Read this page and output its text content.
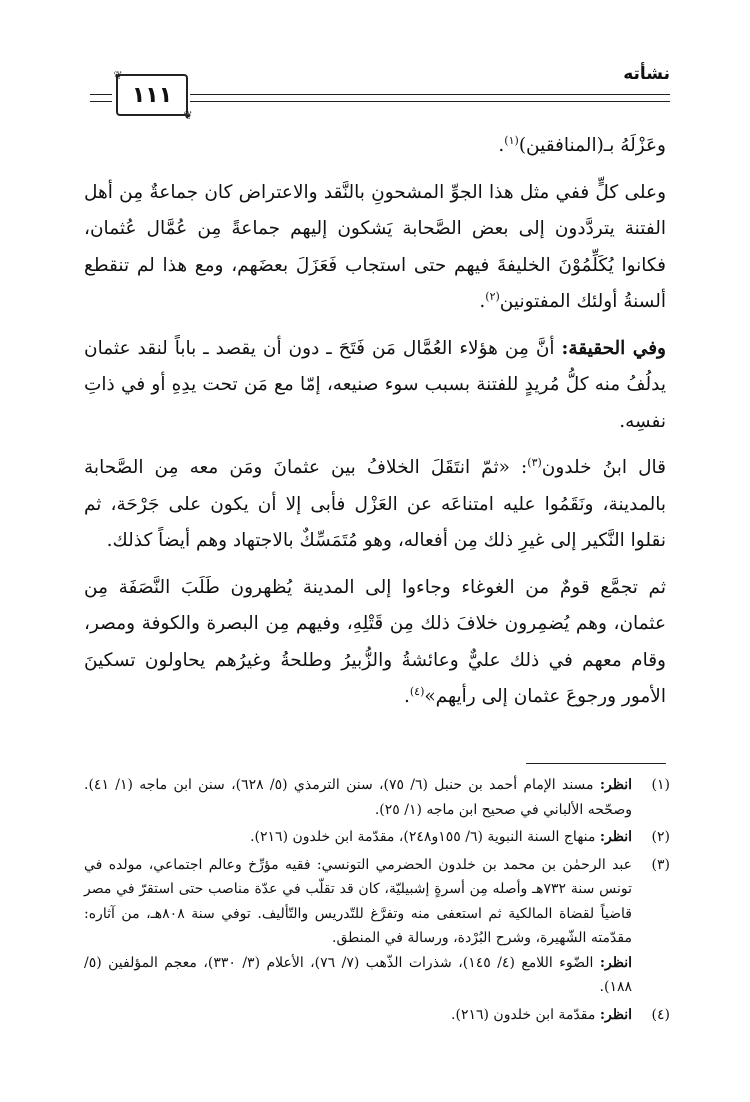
نشأته
❦
١١١
❦

وعَزْلَهُ بـ(المنافقين)$^{(١)}$.

وعلى كلٍّ ففي مثل هذا الجوِّ المشحونِ بالنَّقد والاعتراض كان جماعةٌ مِن أهل الفتنة يتردَّدون إلى بعض الصَّحابة يَشكون إليهم جماعةً مِن عُمَّال عُثمان، فكانوا يُكَلِّمُوْنَ الخليفةَ فيهم حتى استجاب فَعَزَلَ بعضَهم، ومع هذا لم تنقطع ألسنةُ أولئك المفتونين$^{(٢)}$.

وفي الحقيقة: أنَّ مِن هؤلاء العُمَّال مَن فَتَحَ ـ دون أن يقصد ـ باباً لنقد عثمان يدلُفُ منه كلُّ مُريدٍ للفتنة بسبب سوء صنيعه، إمّا مع مَن تحت يدِهِ أو في ذاتِ نفسِه.

قال ابنُ خلدون$^{(٣)}$: «ثمّ انتَقَلَ الخلافُ بين عثمانَ ومَن معه مِن الصَّحابة بالمدينة، ونَقَمُوا عليه امتناعَه عن العَزْل فأبى إلا أن يكون على جَرْحَة، ثم نقلوا النَّكير إلى غيرِ ذلك مِن أفعاله، وهو مُتَمَسِّكٌ بالاجتهاد وهم أيضاً كذلك.

ثم تجمَّع قومٌ من الغوغاء وجاءوا إلى المدينة يُظهرون طَلَبَ النَّصَفَة مِن عثمان، وهم يُضمِرون خلافَ ذلك مِن قَتْلِهِ، وفيهم مِن البصرة والكوفة ومصر، وقام معهم في ذلك عليٌّ وعائشةُ والزُّبيرُ وطلحةُ وغيرُهم يحاولون تسكينَ الأمور ورجوعَ عثمان إلى رأيهم»$^{(٤)}$.

(١)
انظر: مسند الإمام أحمد بن حنبل (٦/ ٧٥)، سنن الترمذي (٥/ ٦٢٨)، سنن ابن ماجه (١/ ٤١). وصحّحه الألباني في صحيح ابن ماجه (١/ ٢٥).
(٢)
انظر: منهاج السنة النبوية (٦/ ١٥٥و٢٤٨)، مقدّمة ابن خلدون (٢١٦).
(٣)

عبد الرحمٰن بن محمد بن خلدون الحضرمي التونسي: فقيه مؤرِّخ وعالم اجتماعي، مولده في تونس سنة ٧٣٢هـ وأصله مِن أسرةٍ إشبيليّة، كان قد تقلّب في عدّة مناصب حتى استقرّ في مصر قاضياً لقضاة المالكية ثم استعفى منه وتفرَّغ للتّدريس والتّأليف. توفي سنة ٨٠٨هـ، من آثاره: مقدّمته الشّهيرة، وشرح البُرْدة، ورسالة في المنطق.

انظر: الضّوء اللامع (٤/ ١٤٥)، شذرات الذّهب (٧/ ٧٦)، الأعلام (٣/ ٣٣٠)، معجم المؤلفين (٥/ ١٨٨).

(٤)
انظر: مقدّمة ابن خلدون (٢١٦).
